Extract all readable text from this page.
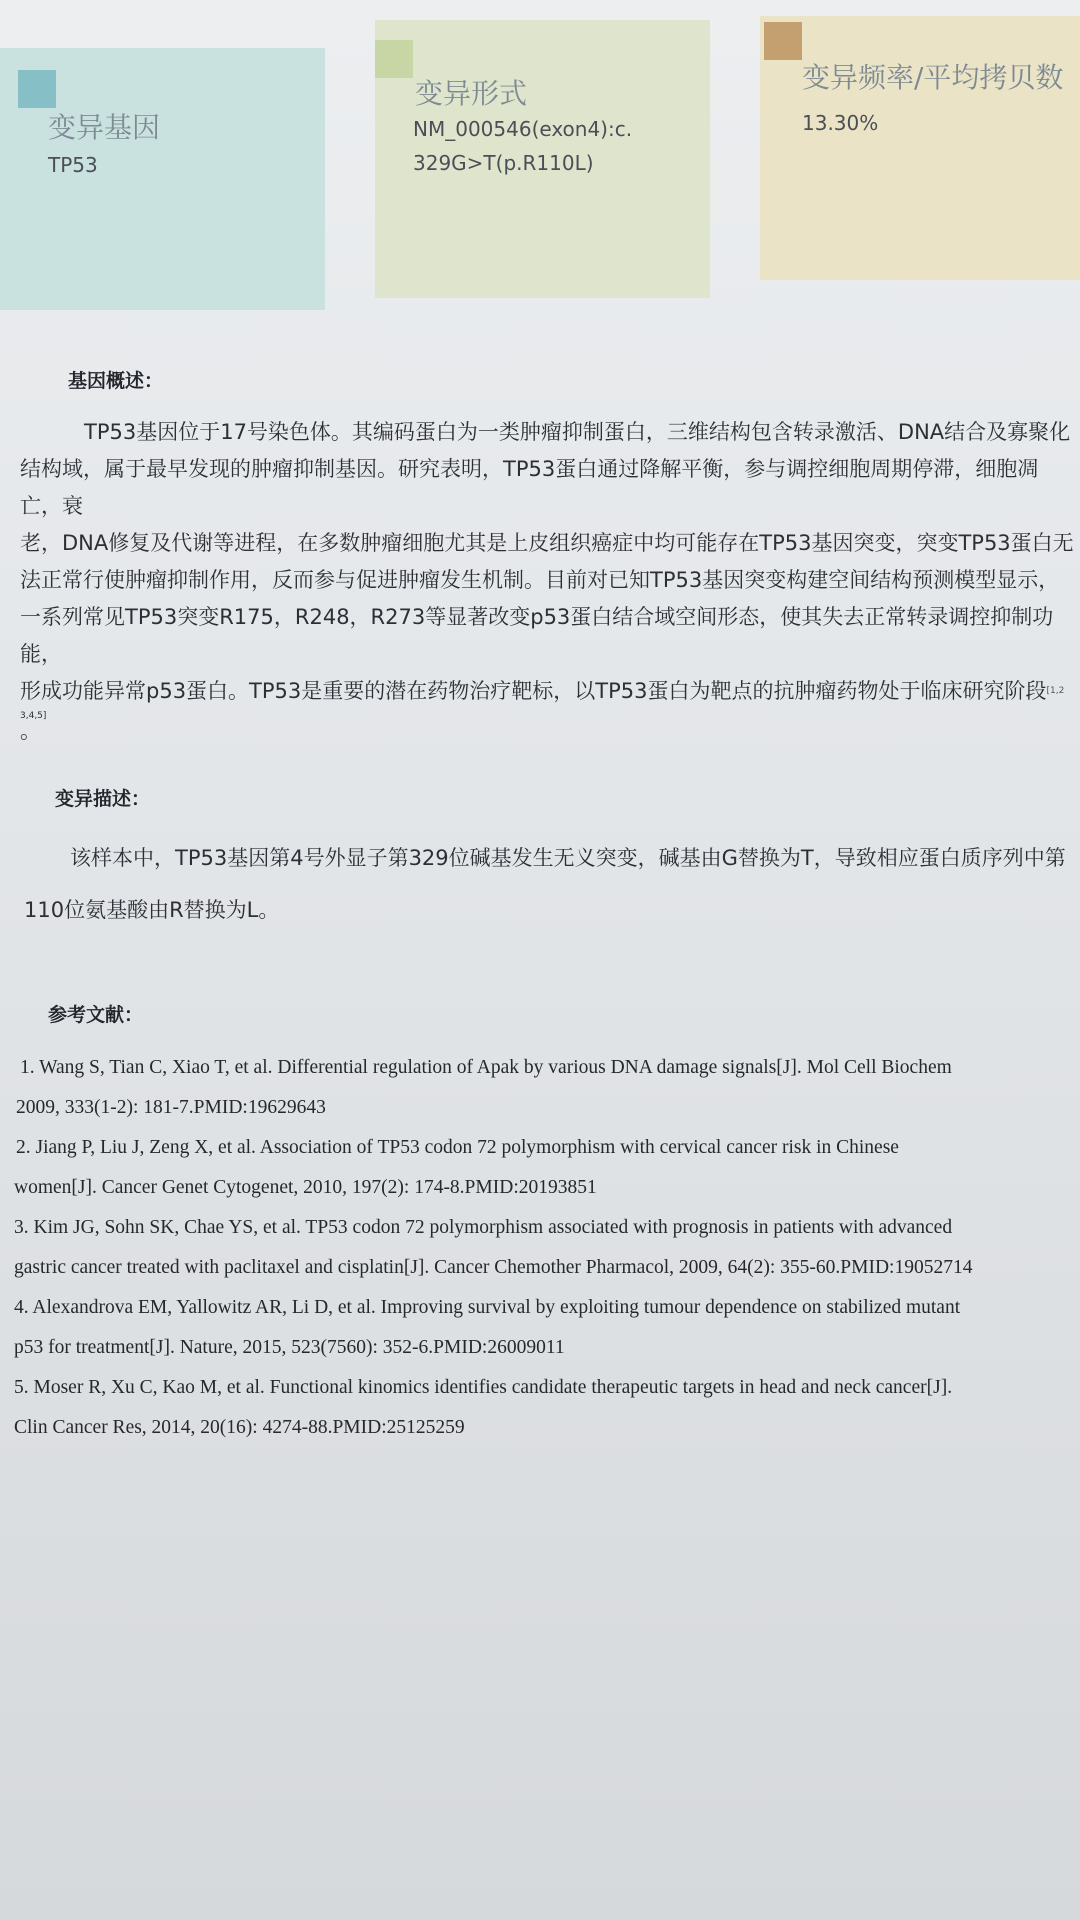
变异基因
TP53
变异形式
NM_000546(exon4):c.
329G>T(p.R110L)
变异频率/平均拷贝数
13.30%
基因概述：
TP53基因位于17号染色体。其编码蛋白为一类肿瘤抑制蛋白，三维结构包含转录激活、DNA结合及寡聚化
结构域，属于最早发现的肿瘤抑制基因。研究表明，TP53蛋白通过降解平衡，参与调控细胞周期停滞，细胞凋亡，衰
老，DNA修复及代谢等进程，在多数肿瘤细胞尤其是上皮组织癌症中均可能存在TP53基因突变，突变TP53蛋白无
法正常行使肿瘤抑制作用，反而参与促进肿瘤发生机制。目前对已知TP53基因突变构建空间结构预测模型显示，
一系列常见TP53突变R175，R248，R273等显著改变p53蛋白结合域空间形态，使其失去正常转录调控抑制功能，
形成功能异常p53蛋白。TP53是重要的潜在药物治疗靶标，以TP53蛋白为靶点的抗肿瘤药物处于临床研究阶段$^{[1,2}$
3,4,5]
。
变异描述：
该样本中，TP53基因第4号外显子第329位碱基发生无义突变，碱基由G替换为T，导致相应蛋白质序列中第
110位氨基酸由R替换为L。
参考文献：
1. Wang S, Tian C, Xiao T, et al. Differential regulation of Apak by various DNA damage signals[J]. Mol Cell Biochem
2009, 333(1-2): 181-7.PMID:19629643
2. Jiang P, Liu J, Zeng X, et al. Association of TP53 codon 72 polymorphism with cervical cancer risk in Chinese
women[J]. Cancer Genet Cytogenet, 2010, 197(2): 174-8.PMID:20193851
3. Kim JG, Sohn SK, Chae YS, et al. TP53 codon 72 polymorphism associated with prognosis in patients with advanced
gastric cancer treated with paclitaxel and cisplatin[J]. Cancer Chemother Pharmacol, 2009, 64(2): 355-60.PMID:19052714
4. Alexandrova EM, Yallowitz AR, Li D, et al. Improving survival by exploiting tumour dependence on stabilized mutant
p53 for treatment[J]. Nature, 2015, 523(7560): 352-6.PMID:26009011
5. Moser R, Xu C, Kao M, et al. Functional kinomics identifies candidate therapeutic targets in head and neck cancer[J].
Clin Cancer Res, 2014, 20(16): 4274-88.PMID:25125259
